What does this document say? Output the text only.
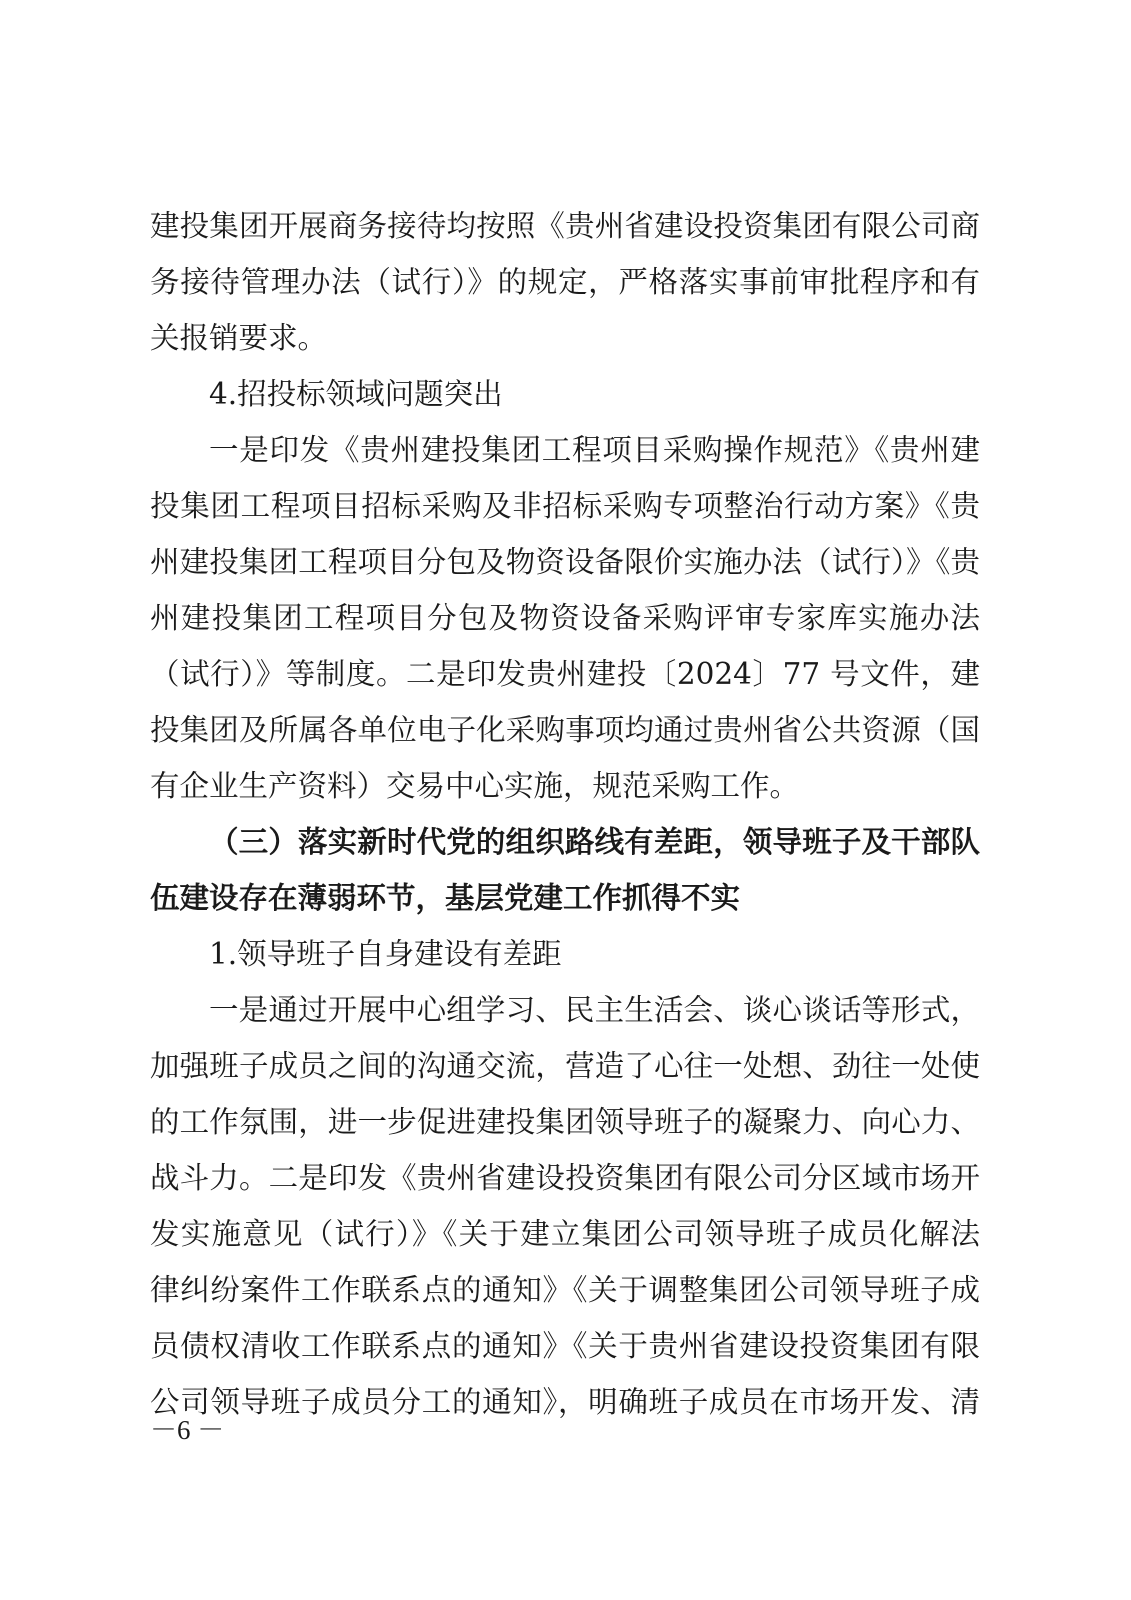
建投集团开展商务接待均按照《贵州省建设投资集团有限公司商
务接待管理办法（试行）》的规定，严格落实事前审批程序和有
关报销要求。
4.招投标领域问题突出
一是印发《贵州建投集团工程项目采购操作规范》《贵州建
投集团工程项目招标采购及非招标采购专项整治行动方案》《贵
州建投集团工程项目分包及物资设备限价实施办法（试行）》《贵
州建投集团工程项目分包及物资设备采购评审专家库实施办法
（试行）》等制度。二是印发贵州建投〔2024〕77 号文件，建
投集团及所属各单位电子化采购事项均通过贵州省公共资源（国
有企业生产资料）交易中心实施，规范采购工作。
（三）落实新时代党的组织路线有差距，领导班子及干部队
伍建设存在薄弱环节，基层党建工作抓得不实
1.领导班子自身建设有差距
一是通过开展中心组学习、民主生活会、谈心谈话等形式，
加强班子成员之间的沟通交流，营造了心往一处想、劲往一处使
的工作氛围，进一步促进建投集团领导班子的凝聚力、向心力、
战斗力。二是印发《贵州省建设投资集团有限公司分区域市场开
发实施意见（试行）》《关于建立集团公司领导班子成员化解法
律纠纷案件工作联系点的通知》《关于调整集团公司领导班子成
员债权清收工作联系点的通知》《关于贵州省建设投资集团有限
公司领导班子成员分工的通知》，明确班子成员在市场开发、清
－6 －
